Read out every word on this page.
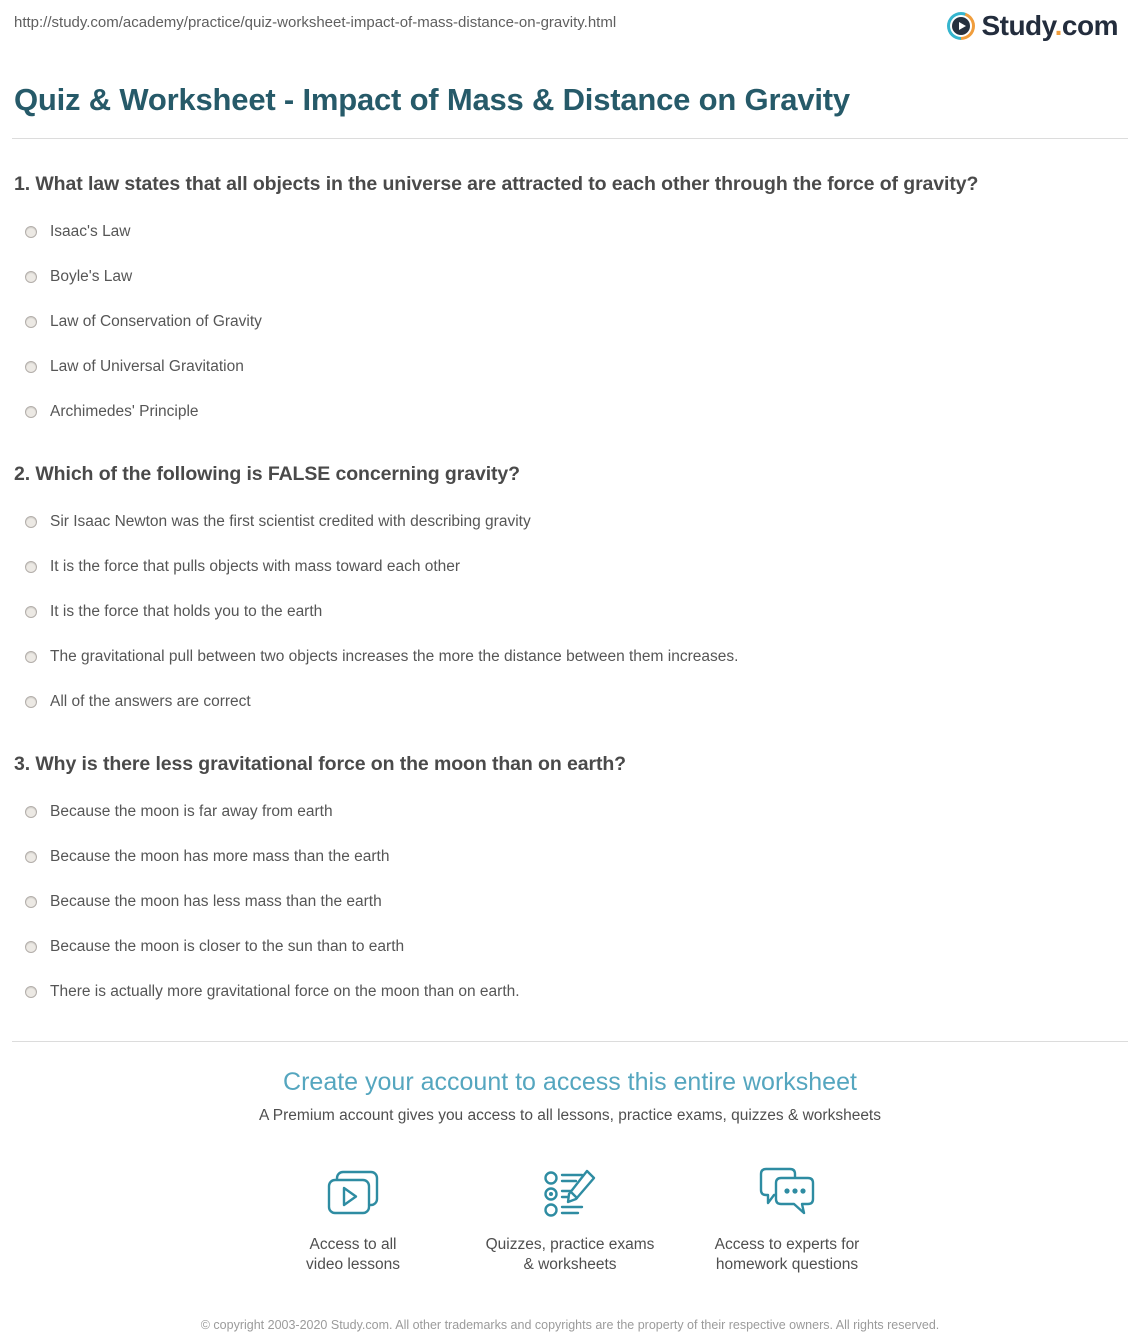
http://study.com/academy/practice/quiz-worksheet-impact-of-mass-distance-on-gravity.html	Study.com
Quiz & Worksheet - Impact of Mass & Distance on Gravity
1. What law states that all objects in the universe are attracted to each other through the force of gravity?
Isaac's Law
Boyle's Law
Law of Conservation of Gravity
Law of Universal Gravitation
Archimedes' Principle
2. Which of the following is FALSE concerning gravity?
Sir Isaac Newton was the first scientist credited with describing gravity
It is the force that pulls objects with mass toward each other
It is the force that holds you to the earth
The gravitational pull between two objects increases the more the distance between them increases.
All of the answers are correct
3. Why is there less gravitational force on the moon than on earth?
Because the moon is far away from earth
Because the moon has more mass than the earth
Because the moon has less mass than the earth
Because the moon is closer to the sun than to earth
There is actually more gravitational force on the moon than on earth.
Create your account to access this entire worksheet
A Premium account gives you access to all lessons, practice exams, quizzes & worksheets
Access to all
video lessons
Quizzes, practice exams
& worksheets
Access to experts for
homework questions
© copyright 2003-2020 Study.com. All other trademarks and copyrights are the property of their respective owners. All rights reserved.
